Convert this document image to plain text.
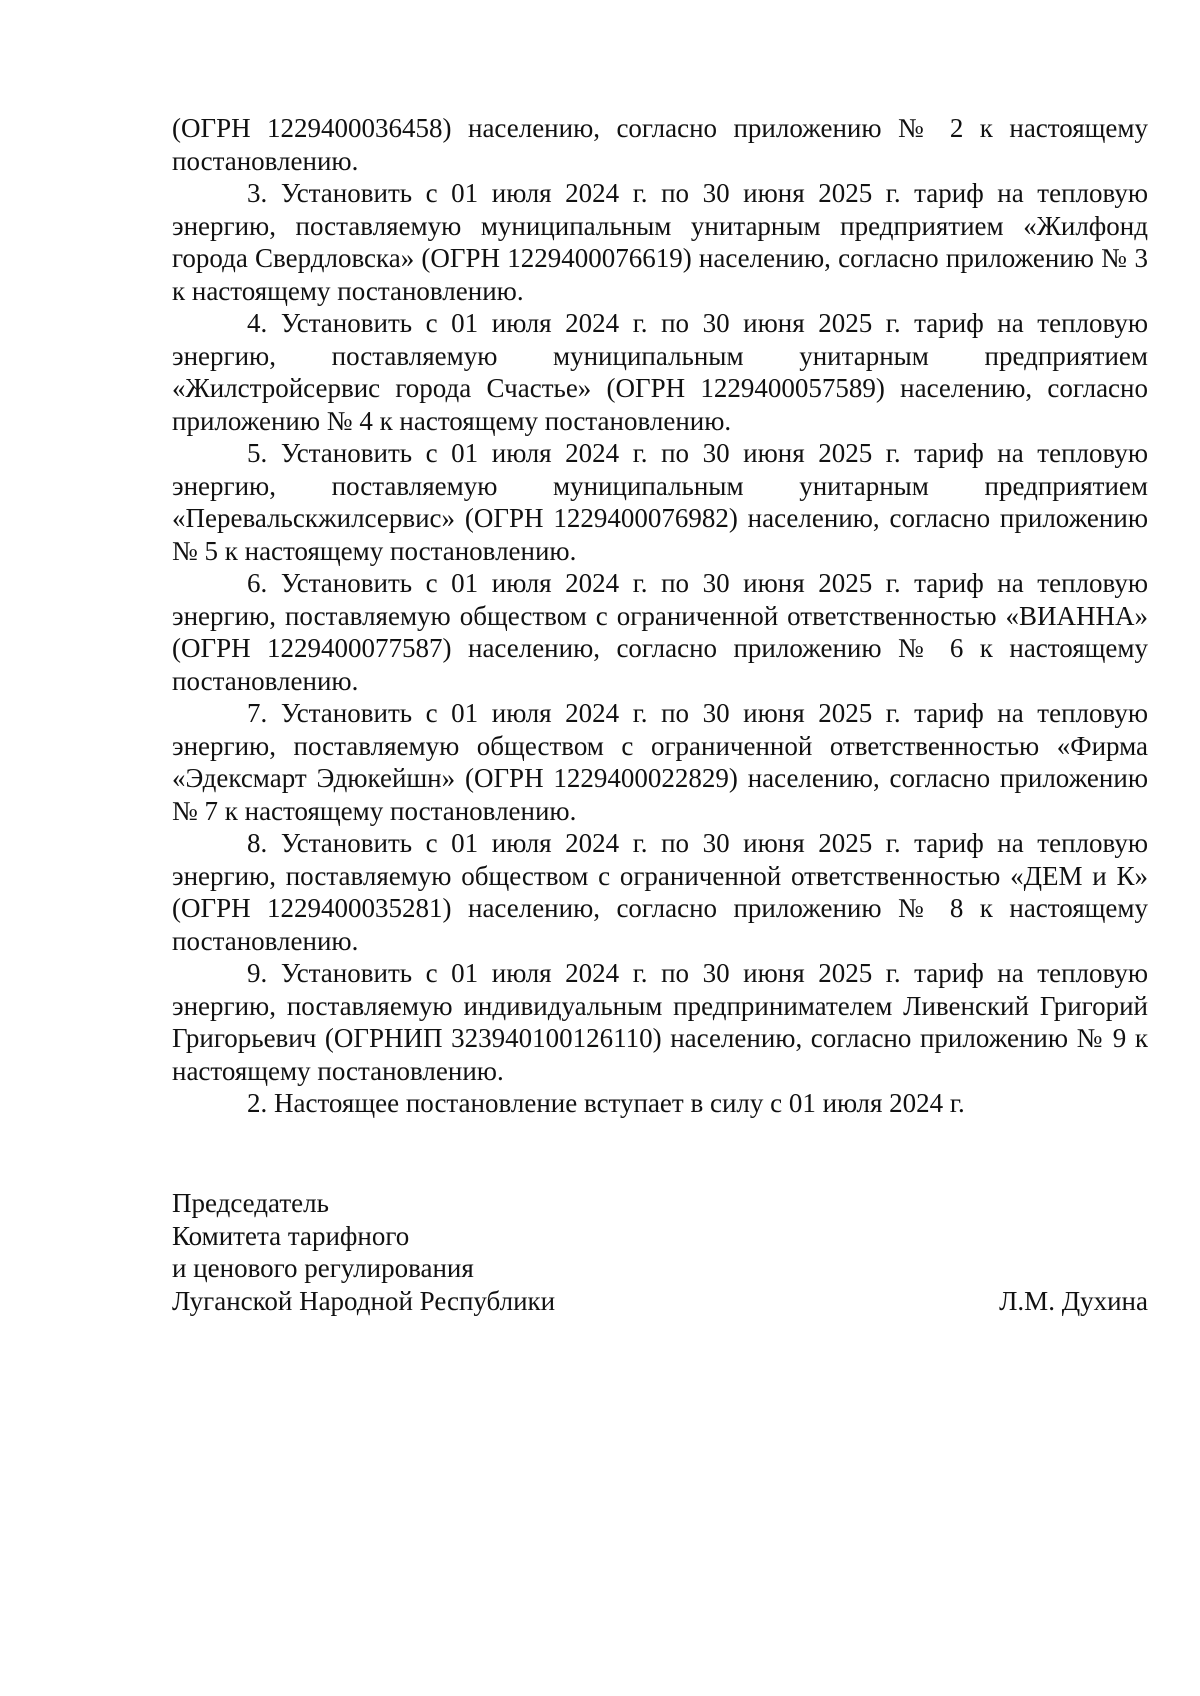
(ОГРН 1229400036458) населению, согласно приложению № 2 к настоящему постановлению.

3. Установить с 01 июля 2024 г. по 30 июня 2025 г. тариф на тепловую энергию, поставляемую муниципальным унитарным предприятием «Жилфонд города Свердловска» (ОГРН 1229400076619) населению, согласно приложению № 3 к настоящему постановлению.

4. Установить с 01 июля 2024 г. по 30 июня 2025 г. тариф на тепловую энергию, поставляемую муниципальным унитарным предприятием «Жилстройсервис города Счастье» (ОГРН 1229400057589) населению, согласно приложению № 4 к настоящему постановлению.

5. Установить с 01 июля 2024 г. по 30 июня 2025 г. тариф на тепловую энергию, поставляемую муниципальным унитарным предприятием «Перевальскжилсервис» (ОГРН 1229400076982) населению, согласно приложению № 5 к настоящему постановлению.

6. Установить с 01 июля 2024 г. по 30 июня 2025 г. тариф на тепловую энергию, поставляемую обществом с ограниченной ответственностью «ВИАННА» (ОГРН 1229400077587) населению, согласно приложению № 6 к настоящему постановлению.

7. Установить с 01 июля 2024 г. по 30 июня 2025 г. тариф на тепловую энергию, поставляемую обществом с ограниченной ответственностью «Фирма «Эдексмарт Эдюкейшн» (ОГРН 1229400022829) населению, согласно приложению № 7 к настоящему постановлению.

8. Установить с 01 июля 2024 г. по 30 июня 2025 г. тариф на тепловую энергию, поставляемую обществом с ограниченной ответственностью «ДЕМ и К» (ОГРН 1229400035281) населению, согласно приложению № 8 к настоящему постановлению.

9. Установить с 01 июля 2024 г. по 30 июня 2025 г. тариф на тепловую энергию, поставляемую индивидуальным предпринимателем Ливенский Григорий Григорьевич (ОГРНИП 323940100126110) населению, согласно приложению № 9 к настоящему постановлению.

2. Настоящее постановление вступает в силу с 01 июля 2024 г.

Председатель
Комитета тарифного
и ценового регулирования
Луганской Народной Республики	Л.М. Духина
